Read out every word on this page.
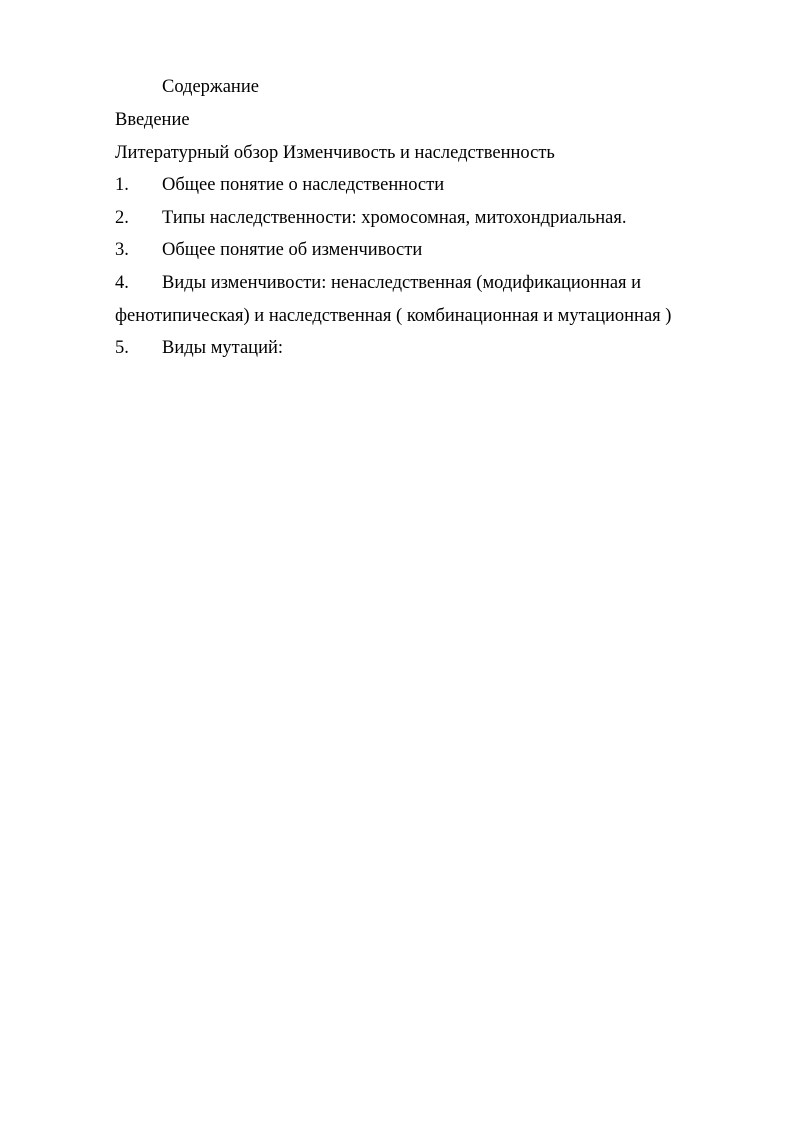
Содержание
Введение
Литературный обзор Изменчивость и наследственность
1.	Общее понятие о наследственности
2.	Типы наследственности: хромосомная, митохондриальная.
3.	Общее понятие об изменчивости
4.	Виды изменчивости: ненаследственная (модификационная и
фенотипическая) и наследственная ( комбинационная и мутационная )
5.	Виды мутаций:
